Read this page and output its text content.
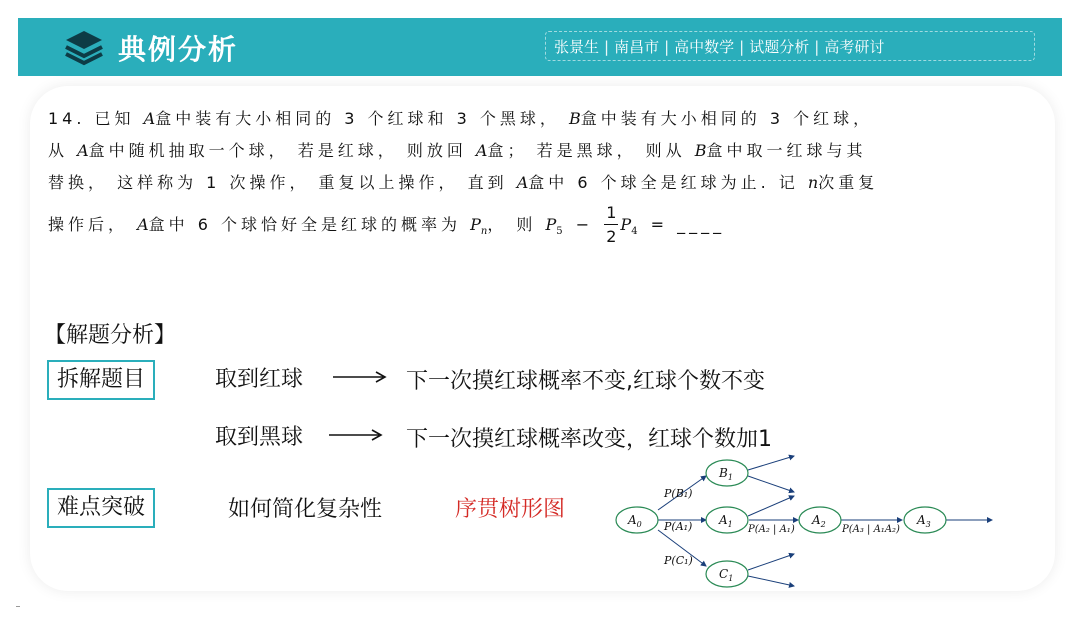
典例分析	张景生 | 南昌市 | 高中数学 | 试题分析 | 高考研讨
14. 已知 A盒中装有大小相同的 3 个红球和 3 个黑球， B盒中装有大小相同的 3 个红球，
从 A盒中随机抽取一个球， 若是红球， 则放回 A盒； 若是黑球， 则从 B盒中取一红球与其
替换， 这样称为 1 次操作， 重复以上操作， 直到 A盒中 6 个球全是红球为止. 记 n次重复
操作后， A盒中 6 个球恰好全是红球的概率为 $P_n$， 则 $P_5 - \frac{1}{2} P_4$ = ____
【解题分析】
拆解题目	取到红球	下一次摸红球概率不变,红球个数不变
取到黑球	下一次摸红球概率改变，红球个数加1
难点突破	如何简化复杂性	序贯树形图	$A_0$
$B_1$
$A_1$
$C_1$
$A_2$	$A_3$
P(B₁)
P(A₁)
P(C₁)
P(A₂ | A₁)	P(A₃ | A₁A₂)
